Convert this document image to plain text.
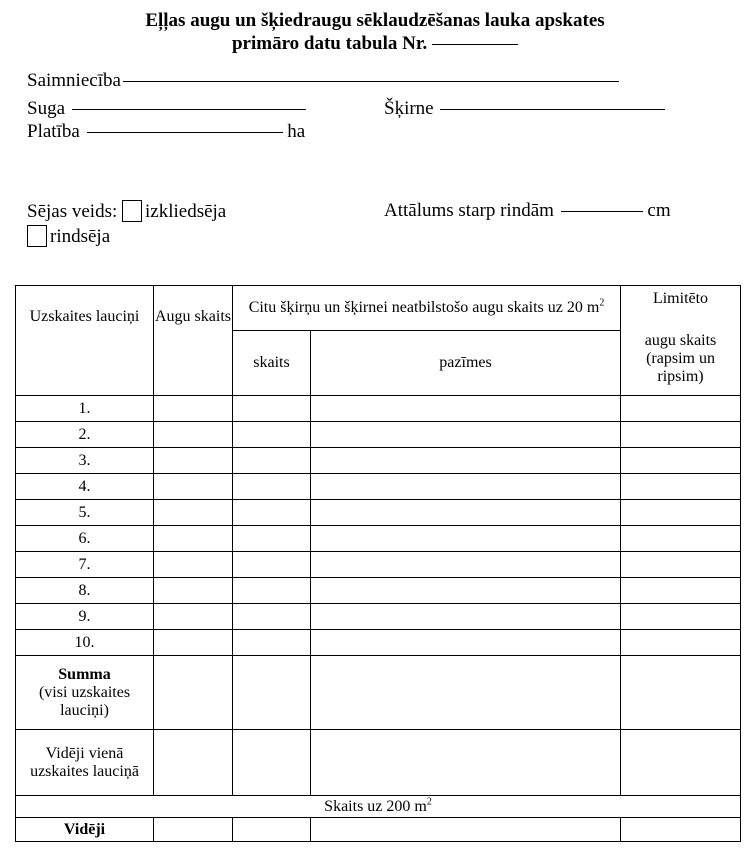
Eļļas augu un šķiedraugu sēklaudzēšanas lauka apskates
primāro datu tabula Nr.
Saimniecība
Suga	Šķirne
Platība	ha
Sējas veids: izkliedsēja
rindsēja
Attālums starp rindām	cm
Uzskaites lauciņi	Augu skaits	Citu šķirņu un šķirnei neatbilstošo augu skaits uz 20 $m^2$		Limitēto
augu skaits (rapsim un ripsim)

		skaits	pazīmes	
1.				
2.				
3.				
4.				
5.				
6.				
7.				
8.				
9.				
10.				

Summa
(visi uzskaites lauciņi)				

Vidēji vienā uzskaites lauciņā				
Skaits uz 200 $m^2$
Vidēji				
